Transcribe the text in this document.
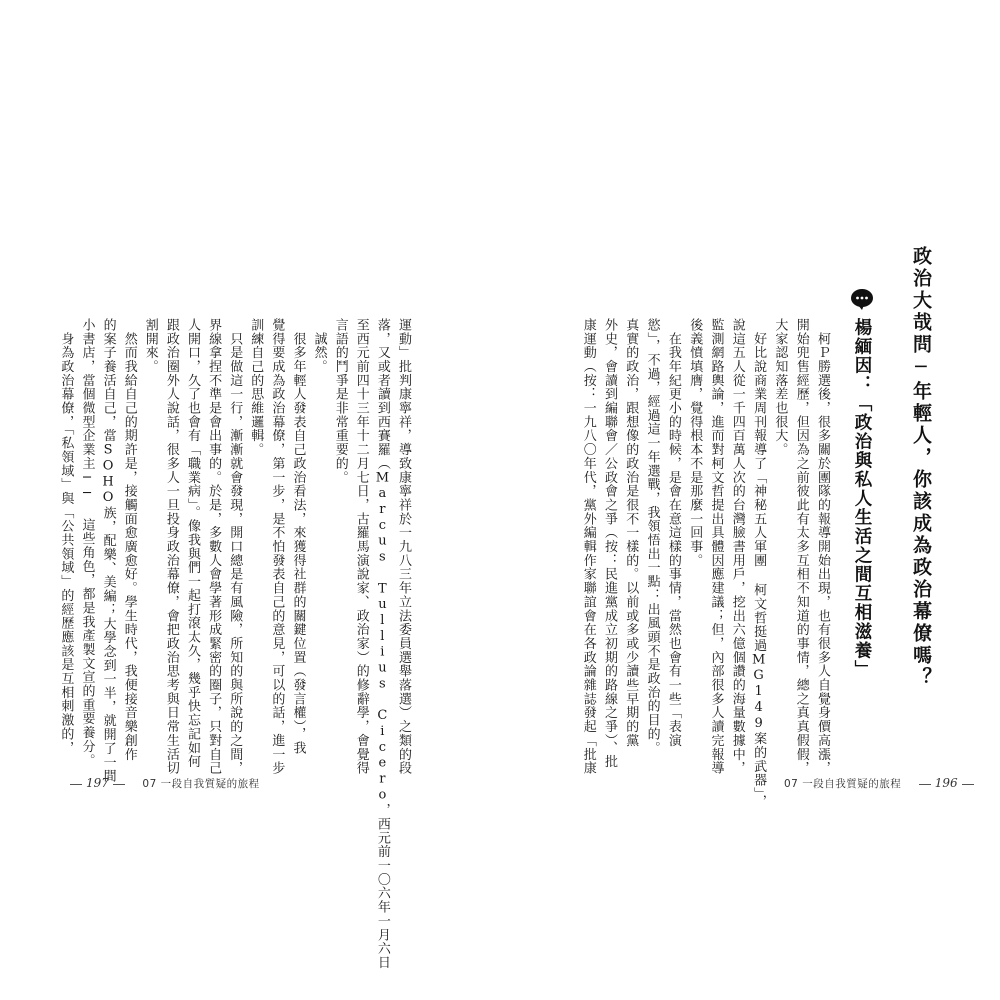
運動」批判康寧祥，導致康寧祥於一九八三年立法委員選舉落選）之類的段
落，又或者讀到西賽羅（Marcus Tullius Cicero，西元前一〇六年一月六日
至西元前四十三年十二月七日，古羅馬演說家、政治家）的修辭學，會覺得
言語的鬥爭是非常重要的。
　誠然。
　很多年輕人發表自己政治看法，來獲得社群的關鍵位置（發言權），我
覺得要成為政治幕僚，第一步，是不怕發表自己的意見，可以的話，進一步
訓練自己的思維邏輯。
　只是做這一行，漸漸就會發現，開口總是有風險，所知的與所說的之間，
界線拿捏不準是會出事的。於是，多數人會學著形成緊密的圈子，只對自己
人開口，久了也會有「職業病」。像我與們一起打滾太久，幾乎快忘記如何
跟政治圈外人說話，很多人一旦投身政治幕僚，會把政治思考與日常生活切
割開來。
　然而我給自己的期許是，接觸面愈廣愈好。學生時代，我便接音樂創作
的案子養活自己，當SOHO族，配樂、美編；大學念到一半，就開了一間
小書店，當個微型企業主── 這些角色，都是我產製文宣的重要養分。
　身為政治幕僚，「私領域」與「公共領域」的經歷應該是互相刺激的，
197	07 一段自我質疑的旅程
　柯Ｐ勝選後，很多關於團隊的報導開始出現，也有很多人自覺身價高漲，
開始兜售經歷，但因為之前彼此有太多互相不知道的事情，總之真真假假，
大家認知落差也很大。
　好比說商業周刊報導了「神秘五人軍團 柯文哲挺過MG149案的武器」，
說這五人從一千四百萬人次的台灣臉書用戶，挖出六億個讚的海量數據中，
監測網路輿論，進而對柯文哲提出具體因應建議；但，內部很多人讀完報導
後義憤填膺，覺得根本不是那麼一回事。
　在我年紀更小的時候，是會在意這樣的事情，當然也會有一些「表演
慾」，不過，經過這一年選戰，我領悟出一點：出風頭不是政治的目的。
真實的政治，跟想像的政治是很不一樣的。以前或多或少讀些早期的黨
外史，會讀到編聯會／公政會之爭（按：民進黨成立初期的路線之爭）、批
康運動（按：一九八〇年代，黨外編輯作家聯誼會在各政論雜誌發起「批康
07 一段自我質疑的旅程	196
政治大哉問─年輕人，你該成為政治幕僚嗎？
楊緬因：「政治與私人生活之間互相滋養」
